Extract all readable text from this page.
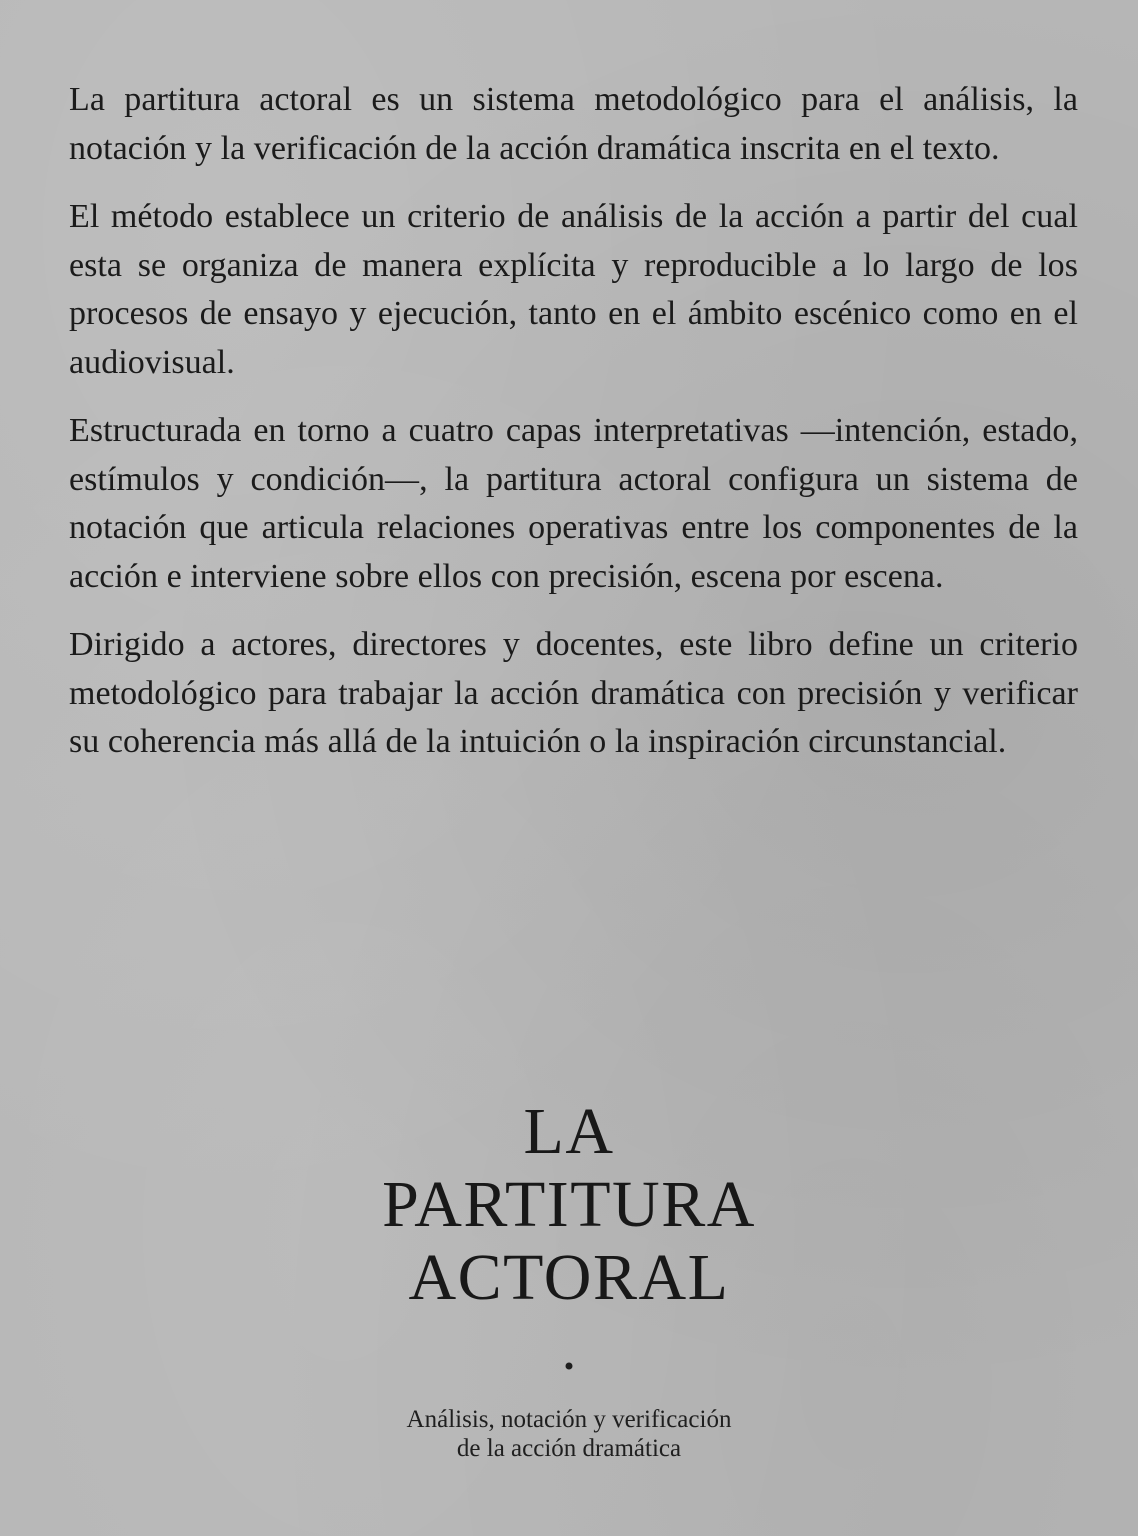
La partitura actoral es un sistema metodológico para el análisis, la notación y la verificación de la acción dramática inscrita en el texto.

El método establece un criterio de análisis de la acción a partir del cual esta se organiza de manera explícita y reproducible a lo largo de los procesos de ensayo y ejecución, tanto en el ámbito escénico como en el audiovisual.

Estructurada en torno a cuatro capas interpretativas —intención, estado, estímulos y condición—, la partitura actoral configura un sistema de notación que articula relaciones operativas entre los componentes de la acción e interviene sobre ellos con precisión, escena por escena.

Dirigido a actores, directores y docentes, este libro define un criterio metodológico para trabajar la acción dramática con precisión y verificar su coherencia más allá de la intuición o la inspiración circunstancial.

LA
PARTITURA
ACTORAL
Análisis, notación y verificación
de la acción dramática
